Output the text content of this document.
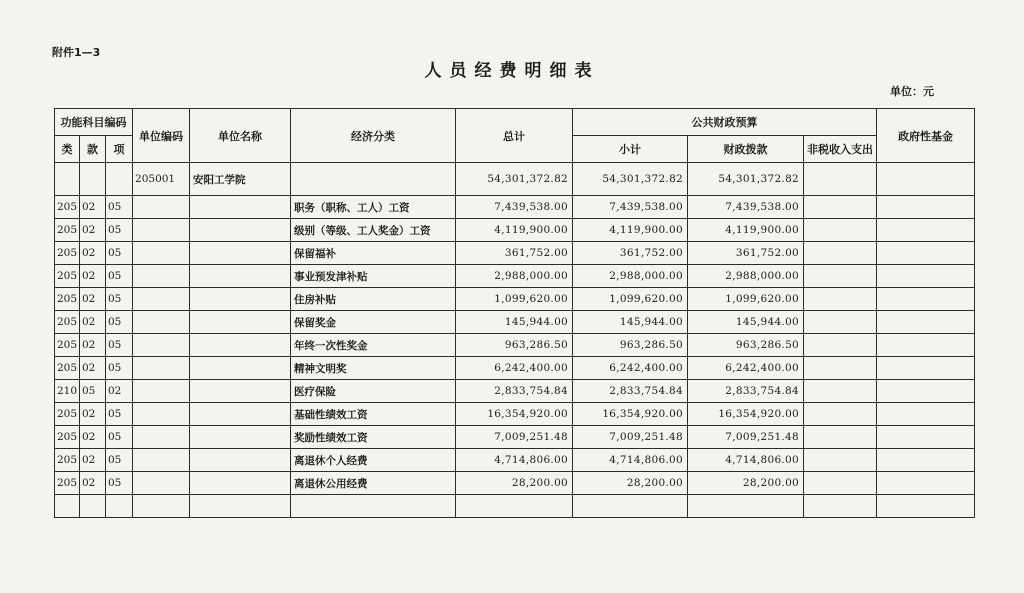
附件1—3
人员经费明细表
单位：元
功能科目编码			单位编码	单位名称	经济分类	总计	公共财政预算			政府性基金
类	款	项					小计	财政拨款	非税收入支出	
			205001	安阳工学院		54,301,372.82	54,301,372.82	54,301,372.82		
205	02	05			职务（职称、工人）工资	7,439,538.00	7,439,538.00	7,439,538.00		
205	02	05			级别（等级、工人奖金）工资	4,119,900.00	4,119,900.00	4,119,900.00		
205	02	05			保留福补	361,752.00	361,752.00	361,752.00		
205	02	05			事业预发津补贴	2,988,000.00	2,988,000.00	2,988,000.00		
205	02	05			住房补贴	1,099,620.00	1,099,620.00	1,099,620.00		
205	02	05			保留奖金	145,944.00	145,944.00	145,944.00		
205	02	05			年终一次性奖金	963,286.50	963,286.50	963,286.50		
205	02	05			精神文明奖	6,242,400.00	6,242,400.00	6,242,400.00		
210	05	02			医疗保险	2,833,754.84	2,833,754.84	2,833,754.84		
205	02	05			基础性绩效工资	16,354,920.00	16,354,920.00	16,354,920.00		
205	02	05			奖励性绩效工资	7,009,251.48	7,009,251.48	7,009,251.48		
205	02	05			离退休个人经费	4,714,806.00	4,714,806.00	4,714,806.00		
205	02	05			离退休公用经费	28,200.00	28,200.00	28,200.00		
